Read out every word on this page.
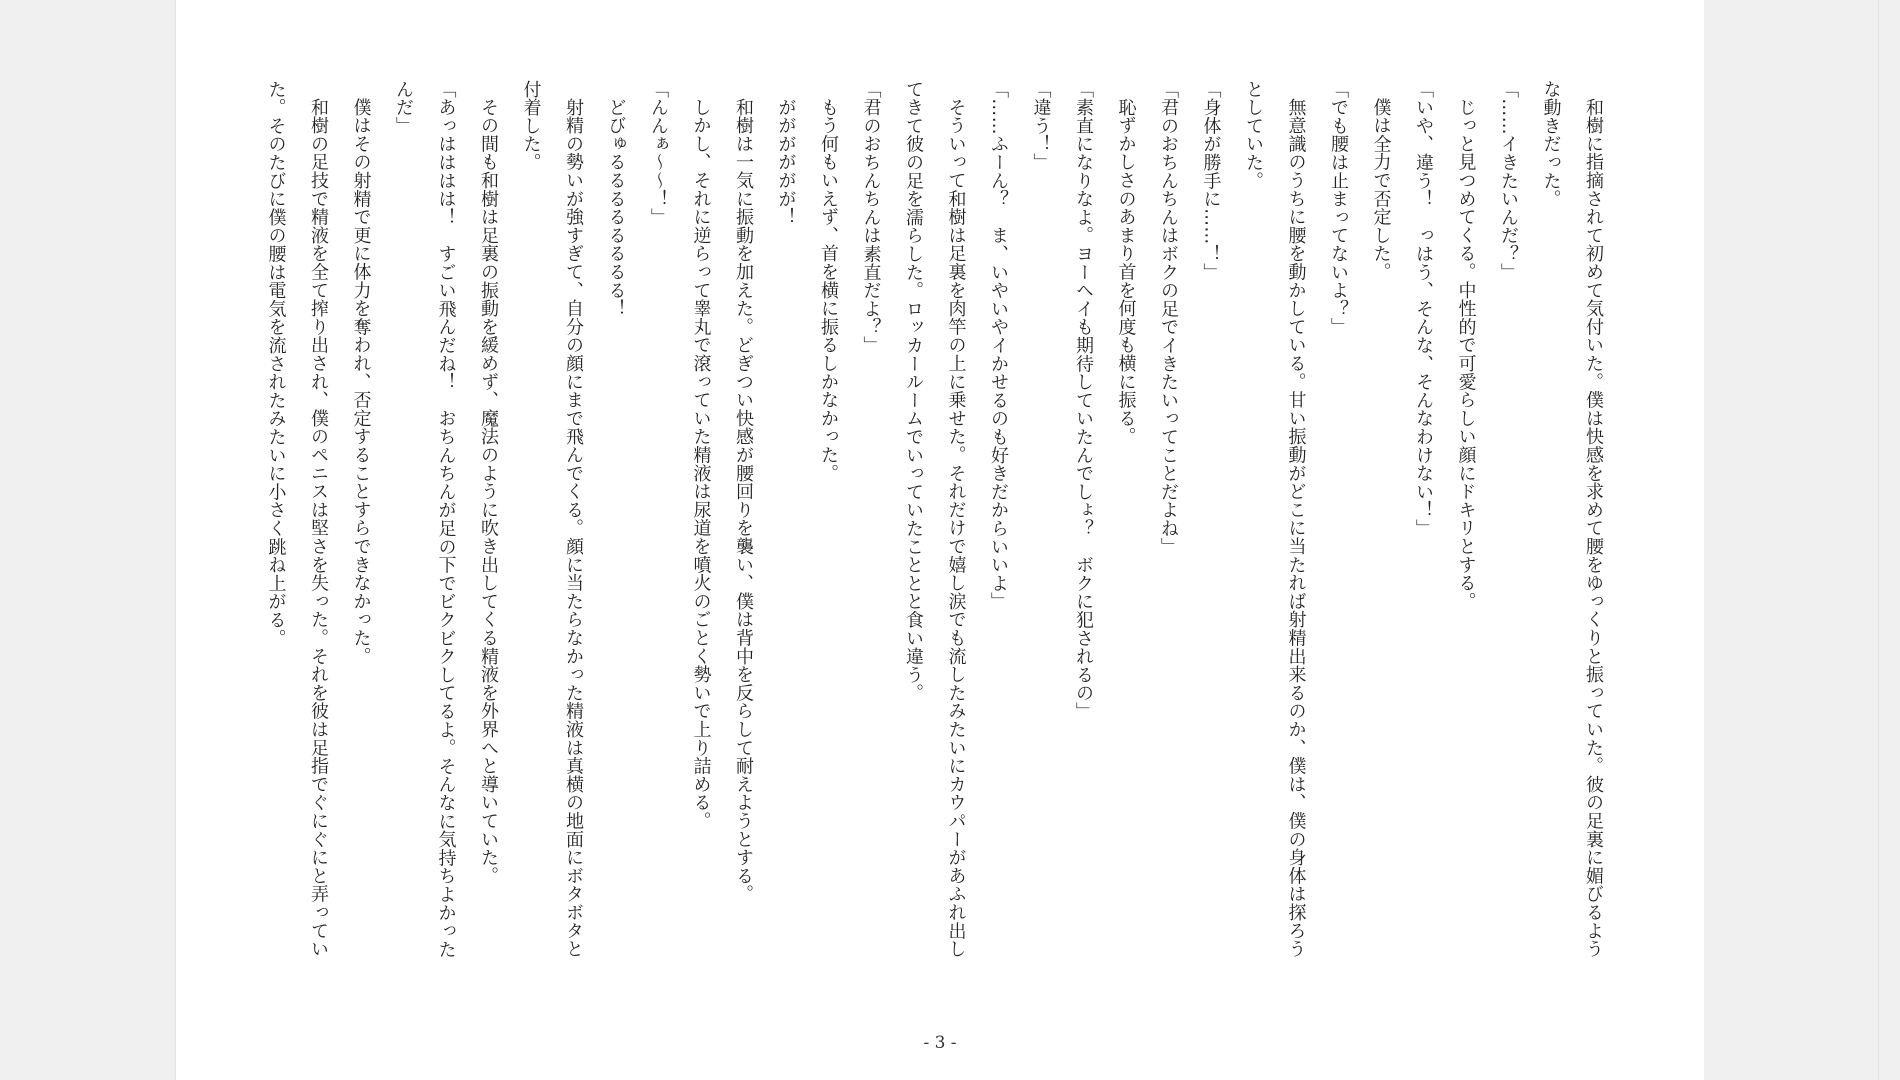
和樹に指摘されて初めて気付いた。僕は快感を求めて腰をゆっくりと振っていた。彼の足裏に媚びるような動きだった。

「……イきたいんだ？」

じっと見つめてくる。中性的で可愛らしい顔にドキリとする。

「いや、違う！　っはう、そんな、そんなわけない！」

僕は全力で否定した。

「でも腰は止まってないよ？」

無意識のうちに腰を動かしている。甘い振動がどこに当たれば射精出来るのか、僕は、僕の身体は探ろうとしていた。

「身体が勝手に……！」

「君のおちんちんはボクの足でイきたいってことだよね」

恥ずかしさのあまり首を何度も横に振る。

「素直になりなよ。ヨーヘイも期待していたんでしょ？　ボクに犯されるの」

「違う！」

「……ふーん？　ま、いやいやイかせるのも好きだからいいよ」

そういって和樹は足裏を肉竿の上に乗せた。それだけで嬉し涙でも流したみたいにカウパーがあふれ出してきて彼の足を濡らした。ロッカールームでいっていたこととと食い違う。

「君のおちんちんは素直だよ？」

もう何もいえず、首を横に振るしかなかった。

がががががが！

和樹は一気に振動を加えた。どぎつい快感が腰回りを襲い、僕は背中を反らして耐えようとする。

しかし、それに逆らって睾丸で滾っていた精液は尿道を噴火のごとく勢いで上り詰める。

「んんぁ～～！」

どびゅるるるるるるるる！

射精の勢いが強すぎて、自分の顔にまで飛んでくる。顔に当たらなかった精液は真横の地面にボタボタと付着した。

その間も和樹は足裏の振動を緩めず、魔法のように吹き出してくる精液を外界へと導いていた。

「あっはははは！　すごい飛んだね！　おちんちんが足の下でビクビクしてるよ。そんなに気持ちよかったんだ」

僕はその射精で更に体力を奪われ、否定することすらできなかった。

和樹の足技で精液を全て搾り出され、僕のペニスは堅さを失った。それを彼は足指でぐにぐにと弄っていた。そのたびに僕の腰は電気を流されたみたいに小さく跳ね上がる。

- 3 -
